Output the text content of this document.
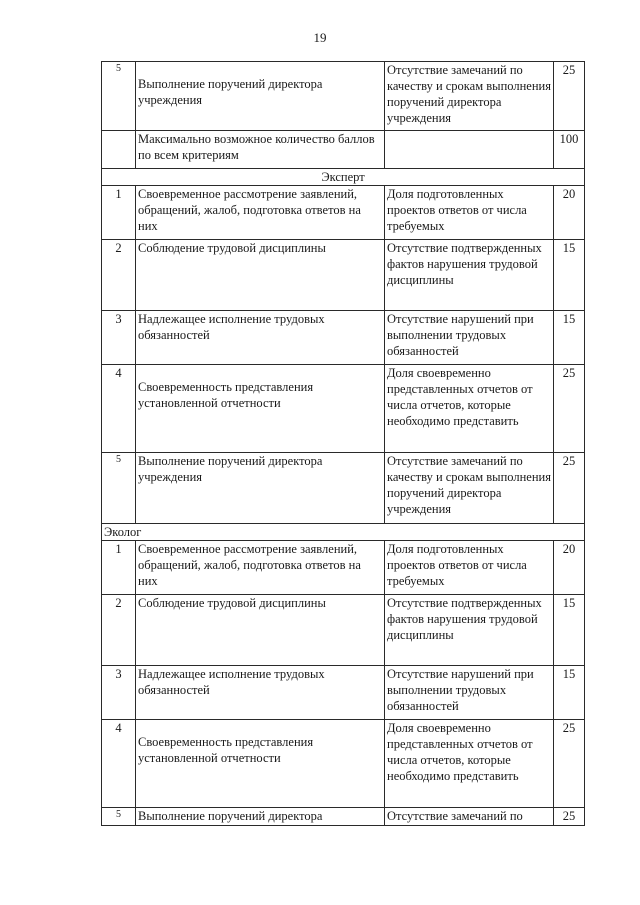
19
5	Выполнение поручений директора учреждения	Отсутствие замечаний по качеству и срокам выполнения поручений директора учреждения	25
	Максимально возможное количество баллов по всем критериям		100
Эксперт			
1	Своевременное рассмотрение заявлений, обращений, жалоб, подготовка ответов на них	Доля подготовленных проектов ответов от числа требуемых	20
2	Соблюдение трудовой дисциплины	Отсутствие подтвержденных фактов нарушения трудовой дисциплины	15
3	Надлежащее исполнение трудовых обязанностей	Отсутствие нарушений при выполнении трудовых обязанностей	15
4	Своевременность представления установленной отчетности	Доля своевременно представленных отчетов от числа отчетов, которые необходимо представить	25
5	Выполнение поручений директора учреждения	Отсутствие замечаний по качеству и срокам выполнения поручений директора учреждения	25
Эколог			
1	Своевременное рассмотрение заявлений, обращений, жалоб, подготовка ответов на них	Доля подготовленных проектов ответов от числа требуемых	20
2	Соблюдение трудовой дисциплины	Отсутствие подтвержденных фактов нарушения трудовой дисциплины	15
3	Надлежащее исполнение трудовых обязанностей	Отсутствие нарушений при выполнении трудовых обязанностей	15
4	Своевременность представления установленной отчетности	Доля своевременно представленных отчетов от числа отчетов, которые необходимо представить	25
5	Выполнение поручений директора	Отсутствие замечаний по	25
